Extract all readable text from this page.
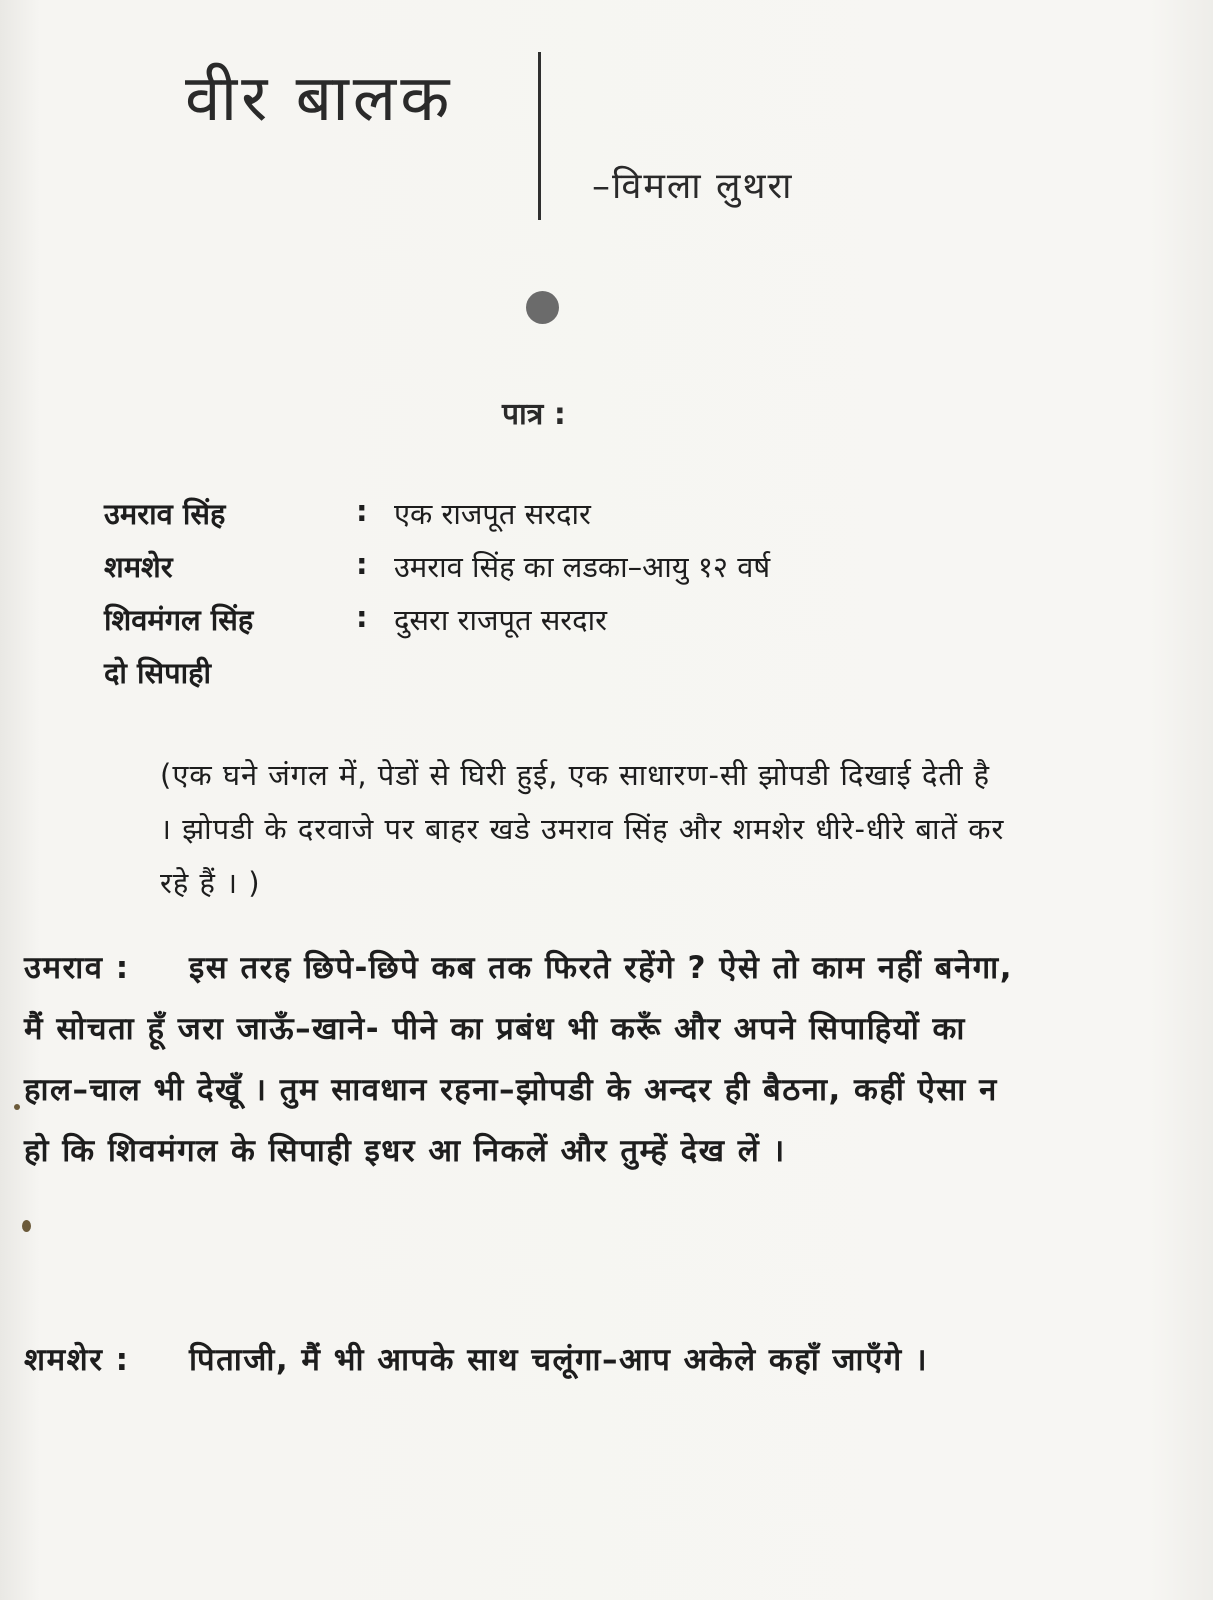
वीर बालक
–विमला लुथरा
पात्र :
उमराव सिंह	: एक राजपूत सरदार
शमशेर	: उमराव सिंह का लडका–आयु १२ वर्ष
शिवमंगल सिंह	: दुसरा राजपूत सरदार
दो सिपाही
(एक घने जंगल में, पेडों से घिरी हुई, एक साधारण-सी झोपडी दिखाई देती है । झोपडी के दरवाजे पर बाहर खडे उमराव सिंह और शमशेर धीरे-धीरे बातें कर रहे हैं । )
उमराव :	इस तरह छिपे-छिपे कब तक फिरते रहेंगे ? ऐसे तो काम नहीं बनेगा, मैं सोचता हूँ जरा जाऊँ–खाने- पीने का प्रबंध भी करूँ और अपने सिपाहियों का हाल–चाल भी देखूँ । तुम सावधान रहना–झोपडी के अन्दर ही बैठना, कहीं ऐसा न हो कि शिवमंगल के सिपाही इधर आ निकलें और तुम्हें देख लें ।
शमशेर :	पिताजी, मैं भी आपके साथ चलूंगा–आप अकेले कहाँ जाएँगे ।
